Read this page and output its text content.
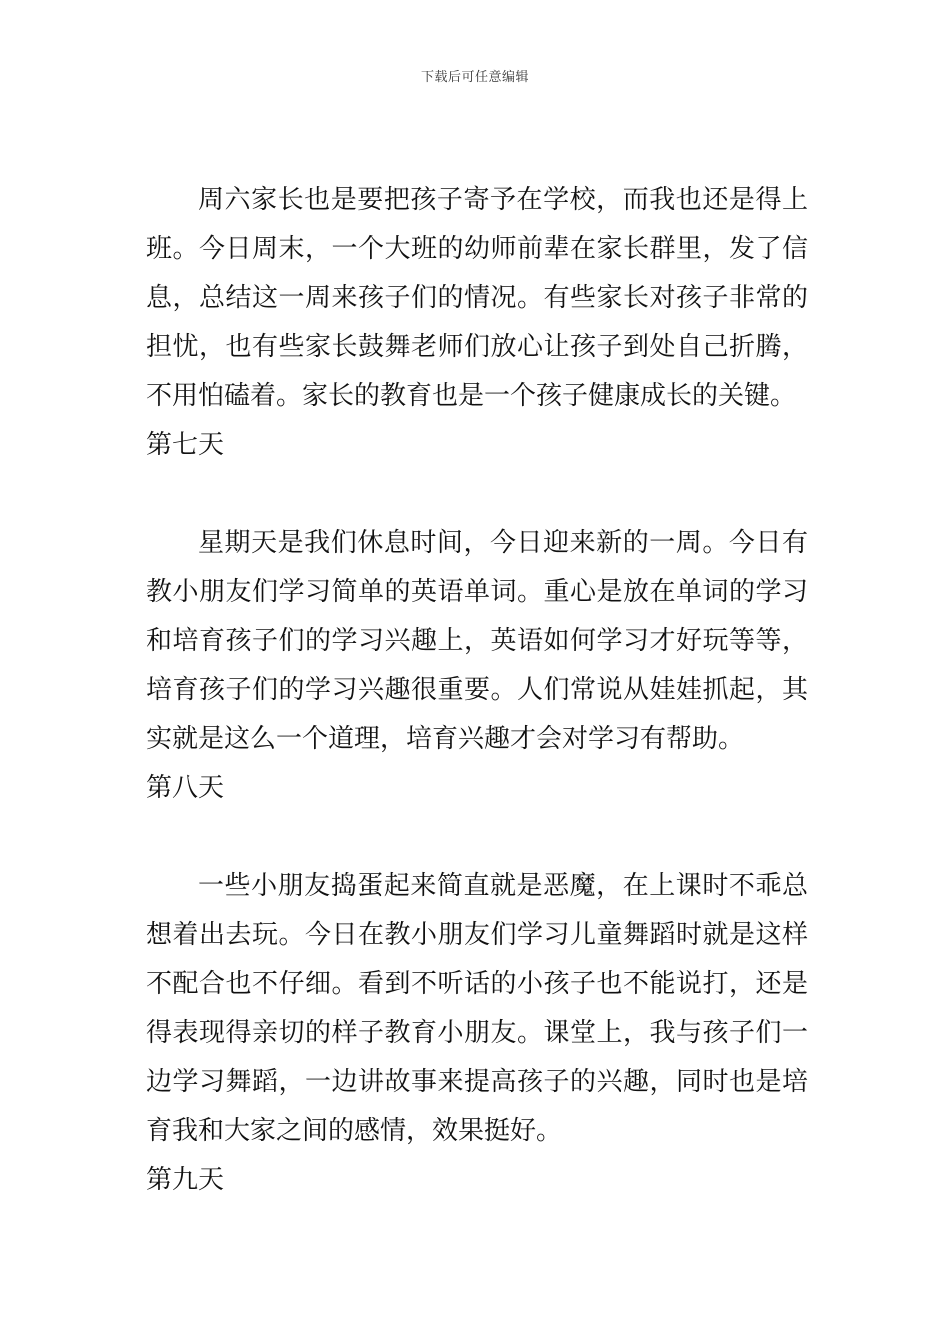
下载后可任意编辑

周六家长也是要把孩子寄予在学校，而我也还是得上班。今日周末，一个大班的幼师前辈在家长群里，发了信息，总结这一周来孩子们的情况。有些家长对孩子非常的担忧，也有些家长鼓舞老师们放心让孩子到处自己折腾，不用怕磕着。家长的教育也是一个孩子健康成长的关键。

第七天

星期天是我们休息时间，今日迎来新的一周。今日有教小朋友们学习简单的英语单词。重心是放在单词的学习和培育孩子们的学习兴趣上，英语如何学习才好玩等等，培育孩子们的学习兴趣很重要。人们常说从娃娃抓起，其实就是这么一个道理，培育兴趣才会对学习有帮助。

第八天

一些小朋友捣蛋起来简直就是恶魔，在上课时不乖总想着出去玩。今日在教小朋友们学习儿童舞蹈时就是这样不配合也不仔细。看到不听话的小孩子也不能说打，还是得表现得亲切的样子教育小朋友。课堂上，我与孩子们一边学习舞蹈，一边讲故事来提高孩子的兴趣，同时也是培育我和大家之间的感情，效果挺好。

第九天
